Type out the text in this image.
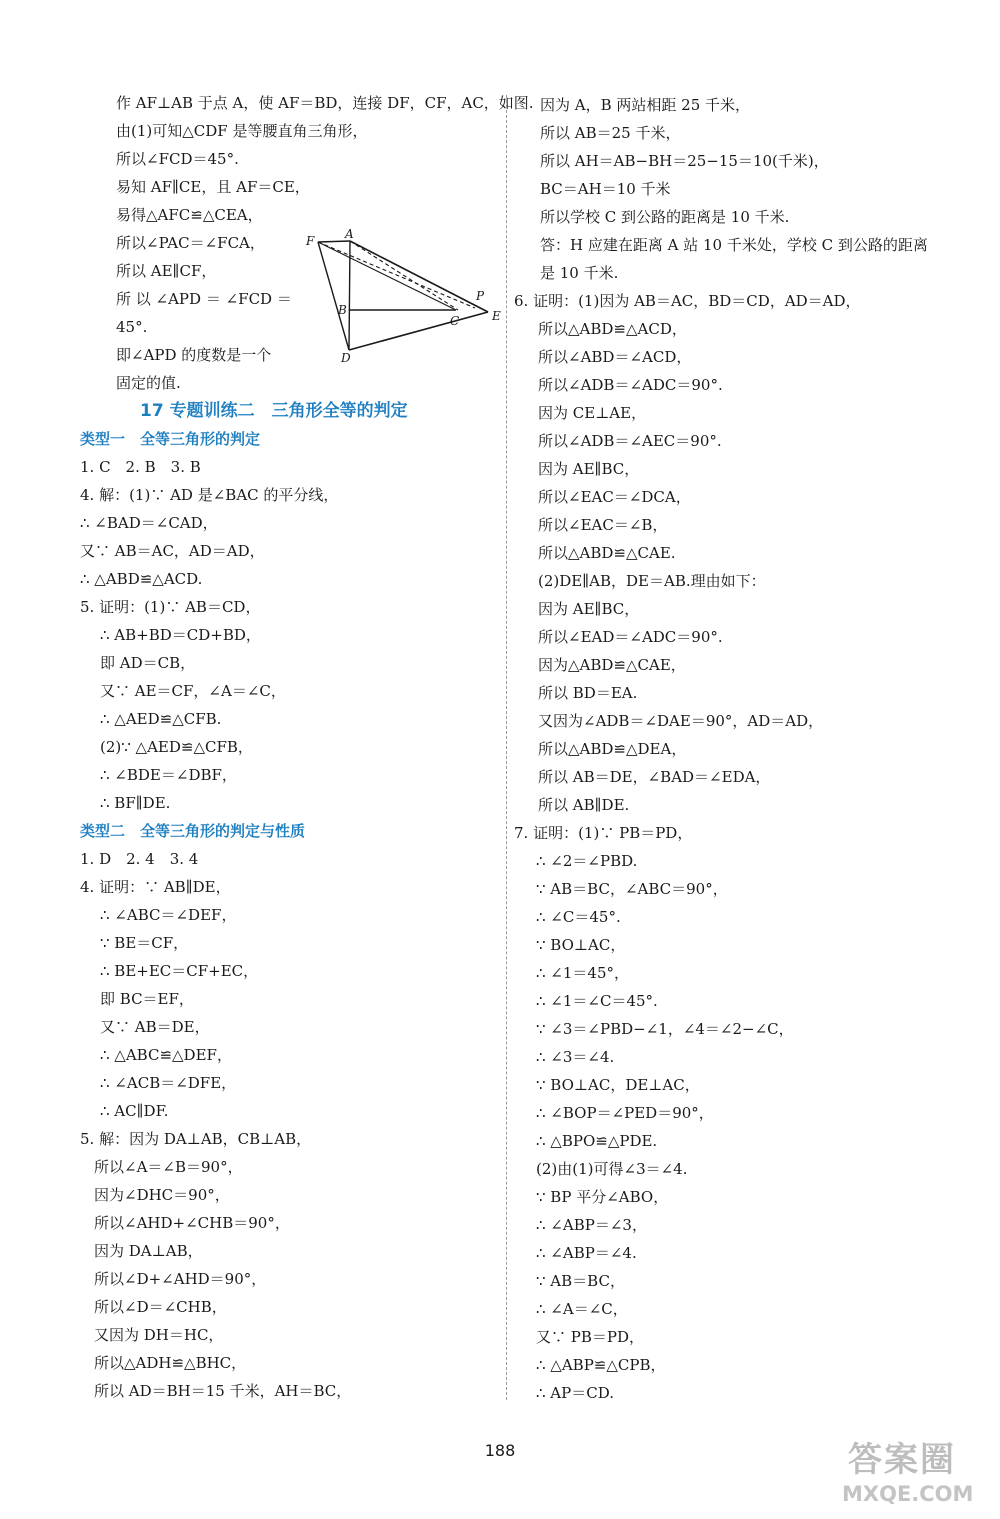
作 AF⊥AB 于点 A，使 AF＝BD，连接 DF，CF，AC，如图.
由(1)可知△CDF 是等腰直角三角形，
所以∠FCD＝45°.
易知 AF∥CE，且 AF＝CE，
易得△AFC≌△CEA，
所以∠PAC＝∠FCA，
所以 AE∥CF，
所 以 ∠APD ＝ ∠FCD ＝
45°.
即∠APD 的度数是一个
固定的值.
17 专题训练二　三角形全等的判定
类型一　全等三角形的判定
1. C　2. B　3. B
4. 解：(1)∵ AD 是∠BAC 的平分线，
∴ ∠BAD＝∠CAD，
又∵ AB＝AC，AD＝AD，
∴ △ABD≌△ACD.
5. 证明：(1)∵ AB＝CD，
∴ AB+BD＝CD+BD，
即 AD＝CB，
又∵ AE＝CF，∠A＝∠C，
∴ △AED≌△CFB.
(2)∵ △AED≌△CFB，
∴ ∠BDE＝∠DBF，
∴ BF∥DE.
类型二　全等三角形的判定与性质
1. D　2. 4　3. 4
4. 证明：∵ AB∥DE，
∴ ∠ABC＝∠DEF，
∵ BE＝CF，
∴ BE+EC＝CF+EC，
即 BC＝EF，
又∵ AB＝DE，
∴ △ABC≌△DEF，
∴ ∠ACB＝∠DFE，
∴ AC∥DF.
5. 解：因为 DA⊥AB，CB⊥AB，
所以∠A＝∠B＝90°，
因为∠DHC＝90°，
所以∠AHD+∠CHB＝90°，
因为 DA⊥AB，
所以∠D+∠AHD＝90°，
所以∠D＝∠CHB，
又因为 DH＝HC，
所以△ADH≌△BHC，
所以 AD＝BH＝15 千米，AH＝BC，
因为 A，B 两站相距 25 千米，
所以 AB＝25 千米，
所以 AH＝AB−BH＝25−15＝10(千米)，
BC＝AH＝10 千米
所以学校 C 到公路的距离是 10 千米.
答：H 应建在距离 A 站 10 千米处，学校 C 到公路的距离
是 10 千米.
6. 证明：(1)因为 AB＝AC，BD＝CD，AD＝AD，
所以△ABD≌△ACD，
所以∠ABD＝∠ACD，
所以∠ADB＝∠ADC＝90°.
因为 CE⊥AE，
所以∠ADB＝∠AEC＝90°.
因为 AE∥BC，
所以∠EAC＝∠DCA，
所以∠EAC＝∠B，
所以△ABD≌△CAE.
(2)DE∥AB，DE＝AB.理由如下：
因为 AE∥BC，
所以∠EAD＝∠ADC＝90°.
因为△ABD≌△CAE，
所以 BD＝EA.
又因为∠ADB＝∠DAE＝90°，AD＝AD，
所以△ABD≌△DEA，
所以 AB＝DE，∠BAD＝∠EDA，
所以 AB∥DE.
7. 证明：(1)∵ PB＝PD，
∴ ∠2＝∠PBD.
∵ AB＝BC，∠ABC＝90°，
∴ ∠C＝45°.
∵ BO⊥AC，
∴ ∠1＝45°，
∴ ∠1＝∠C＝45°.
∵ ∠3＝∠PBD−∠1，∠4＝∠2−∠C，
∴ ∠3＝∠4.
∵ BO⊥AC，DE⊥AC，
∴ ∠BOP＝∠PED＝90°，
∴ △BPO≌△PDE.
(2)由(1)可得∠3＝∠4.
∵ BP 平分∠ABO，
∴ ∠ABP＝∠3，
∴ ∠ABP＝∠4.
∵ AB＝BC，
∴ ∠A＝∠C，
又∵ PB＝PD，
∴ △ABP≌△CPB，
∴ AP＝CD.
F	A
B
C
P
E
D
188	答案圈
MXQE.COM
